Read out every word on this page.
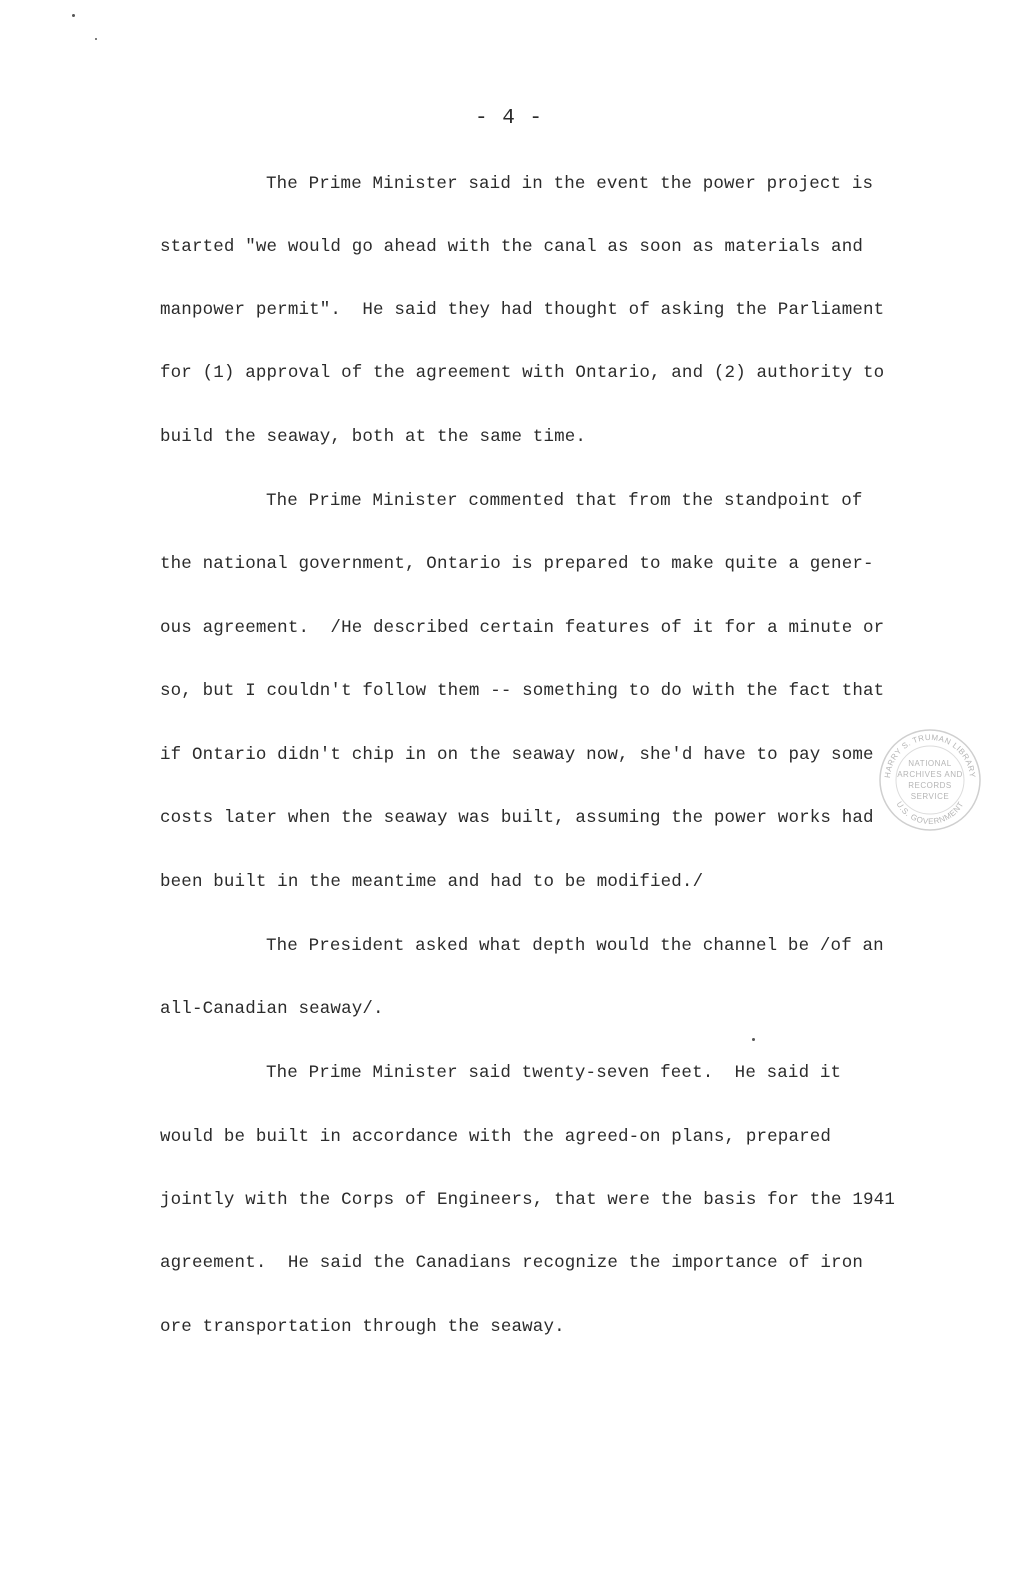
- 4 -
The Prime Minister said in the event the power project is
started "we would go ahead with the canal as soon as materials and
manpower permit".  He said they had thought of asking the Parliament
for (1) approval of the agreement with Ontario, and (2) authority to
build the seaway, both at the same time.
The Prime Minister commented that from the standpoint of
the national government, Ontario is prepared to make quite a gener-
ous agreement.  /He described certain features of it for a minute or
so, but I couldn't follow them -- something to do with the fact that
if Ontario didn't chip in on the seaway now, she'd have to pay some
costs later when the seaway was built, assuming the power works had
been built in the meantime and had to be modified./
The President asked what depth would the channel be /of an
all-Canadian seaway/.
The Prime Minister said twenty-seven feet.  He said it
would be built in accordance with the agreed-on plans, prepared
jointly with the Corps of Engineers, that were the basis for the 1941
agreement.  He said the Canadians recognize the importance of iron
ore transportation through the seaway.
HARRY S. TRUMAN LIBRARY
U.S. GOVERNMENT
NATIONAL
ARCHIVES AND
RECORDS
SERVICE
